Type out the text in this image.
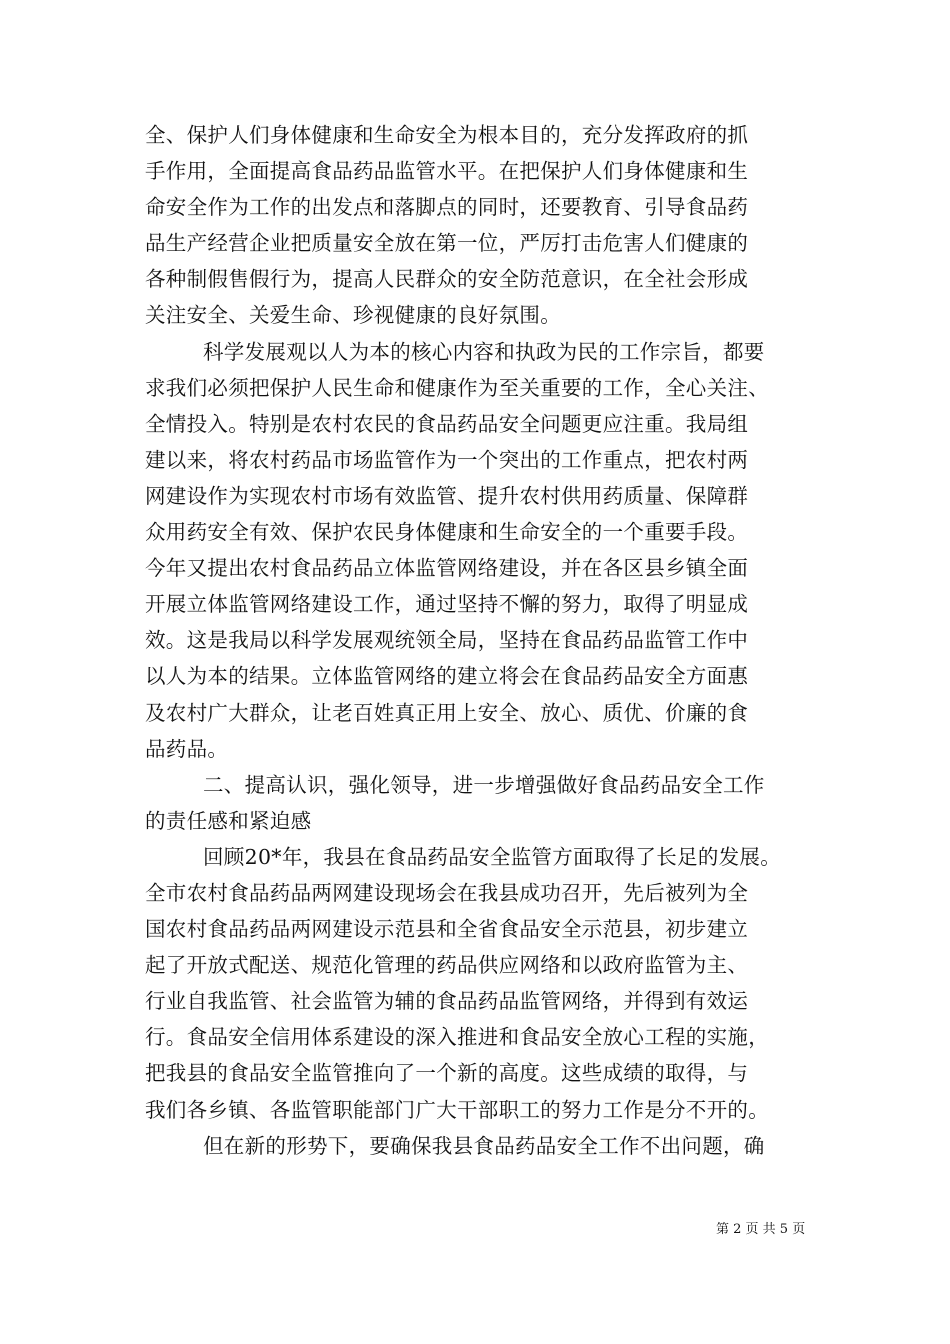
全、保护人们身体健康和生命安全为根本目的，充分发挥政府的抓
手作用，全面提高食品药品监管水平。在把保护人们身体健康和生
命安全作为工作的出发点和落脚点的同时，还要教育、引导食品药
品生产经营企业把质量安全放在第一位，严厉打击危害人们健康的
各种制假售假行为，提高人民群众的安全防范意识，在全社会形成
关注安全、关爱生命、珍视健康的良好氛围。
科学发展观以人为本的核心内容和执政为民的工作宗旨，都要
求我们必须把保护人民生命和健康作为至关重要的工作，全心关注、
全情投入。特别是农村农民的食品药品安全问题更应注重。我局组
建以来，将农村药品市场监管作为一个突出的工作重点，把农村两
网建设作为实现农村市场有效监管、提升农村供用药质量、保障群
众用药安全有效、保护农民身体健康和生命安全的一个重要手段。
今年又提出农村食品药品立体监管网络建设，并在各区县乡镇全面
开展立体监管网络建设工作，通过坚持不懈的努力，取得了明显成
效。这是我局以科学发展观统领全局，坚持在食品药品监管工作中
以人为本的结果。立体监管网络的建立将会在食品药品安全方面惠
及农村广大群众，让老百姓真正用上安全、放心、质优、价廉的食
品药品。
二、提高认识，强化领导，进一步增强做好食品药品安全工作
的责任感和紧迫感
回顾20*年，我县在食品药品安全监管方面取得了长足的发展。
全市农村食品药品两网建设现场会在我县成功召开，先后被列为全
国农村食品药品两网建设示范县和全省食品安全示范县，初步建立
起了开放式配送、规范化管理的药品供应网络和以政府监管为主、
行业自我监管、社会监管为辅的食品药品监管网络，并得到有效运
行。食品安全信用体系建设的深入推进和食品安全放心工程的实施，
把我县的食品安全监管推向了一个新的高度。这些成绩的取得，与
我们各乡镇、各监管职能部门广大干部职工的努力工作是分不开的。
但在新的形势下，要确保我县食品药品安全工作不出问题，确
第 2 页 共 5 页
